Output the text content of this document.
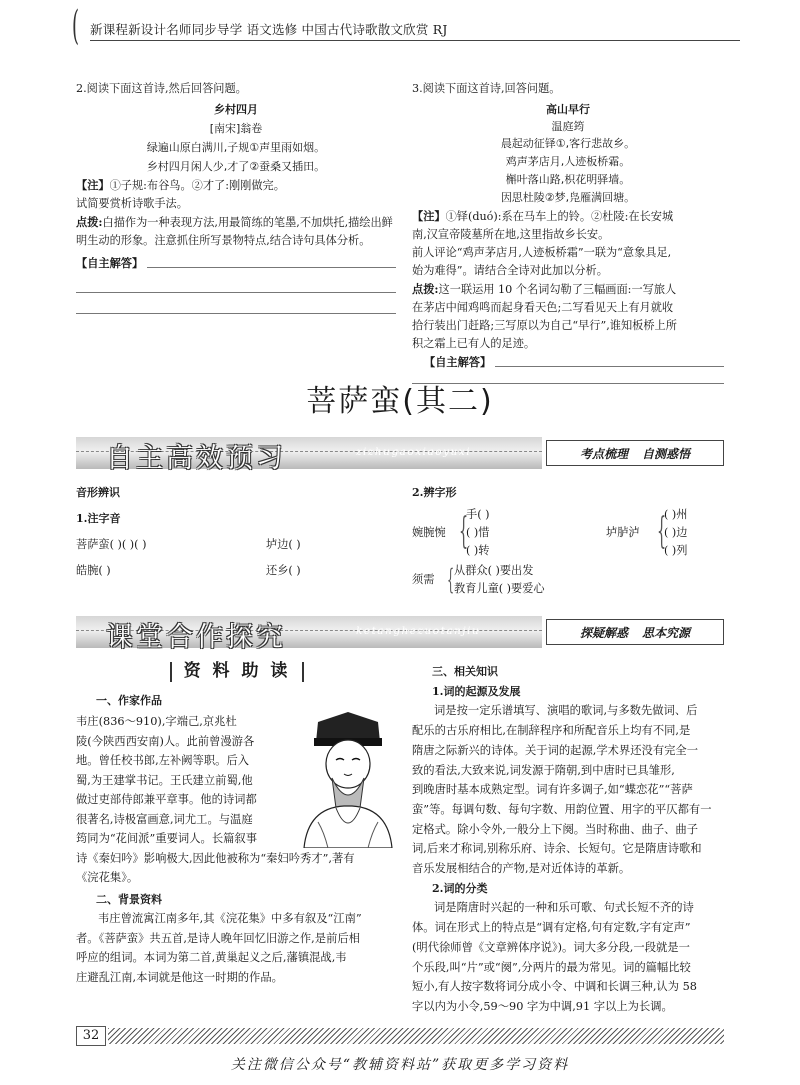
( 新课程新设计名师同步导学 语文选修 中国古代诗歌散文欣赏 RJ
2.阅读下面这首诗,然后回答问题。
乡村四月
[南宋]翁卷
绿遍山原白满川,子规①声里雨如烟。
乡村四月闲人少,才了②蚕桑又插田。
【注】①子规:布谷鸟。②才了:刚刚做完。
试简要赏析诗歌手法。
点拨:白描作为一种表现方法,用最简练的笔墨,不加烘托,描绘出鲜明生动的形象。注意抓住所写景物特点,结合诗句具体分析。
【自主解答】
3.阅读下面这首诗,回答问题。
高山早行
温庭筠
晨起动征铎①,客行悲故乡。
鸡声茅店月,人迹板桥霜。
槲叶落山路,枳花明驿墙。
因思杜陵②梦,凫雁满回塘。
【注】①铎(duó):系在马车上的铃。②杜陵:在长安城
南,汉宣帝陵墓所在地,这里指故乡长安。
前人评论“鸡声茅店月,人迹板桥霜”一联为“意象具足,
始为难得”。请结合全诗对此加以分析。
点拨:这一联运用 10 个名词勾勒了三幅画面:一写旅人
在茅店中闻鸡鸣而起身看天色;二写看见天上有月就收
拾行装出门赶路;三写原以为自己“早行”,谁知板桥上所
积之霜上已有人的足迹。
【自主解答】
菩萨蛮(其二)
自主高效预习	zizhugaoxiaoyuxi	考点梳理 自测惑悟
音形辨识
1.注字音
菩萨蛮( )( )( )	垆边( )
皓腕( )	还乡( )
2.辨字形
婉腕惋 {
手( )
( )惜
( )转
垆胪泸 {
( )州
( )边
( )列
须需 { 从群众( )要出发
教育儿童( )要爱心
课堂合作探究	ketanghezuotanjiu	探疑解惑 思本究源
资 料 助 读
一、作家作品
韦庄(836～910),字端己,京兆杜
陵(今陕西西安南)人。此前曾漫游各
地。曾任校书郎,左补阙等职。后入
蜀,为王建掌书记。王氏建立前蜀,他
做过吏部侍郎兼平章事。他的诗词都
很著名,诗极富画意,词尤工。与温庭
筠同为“花间派”重要词人。长篇叙事
诗《秦妇吟》影响极大,因此他被称为“秦妇吟秀才”,著有
《浣花集》。
二、背景资料
韦庄曾流寓江南多年,其《浣花集》中多有叙及“江南”
者。《菩萨蛮》共五首,是诗人晚年回忆旧游之作,是前后相
呼应的组词。本词为第二首,黄巢起义之后,藩镇混战,韦
庄避乱江南,本词就是他这一时期的作品。
三、相关知识
1.词的起源及发展
词是按一定乐谱填写、演唱的歌词,与多数先做词、后
配乐的古乐府相比,在制辞程序和所配音乐上均有不同,是
隋唐之际新兴的诗体。关于词的起源,学术界还没有完全一
致的看法,大致来说,词发源于隋朝,到中唐时已具雏形,
到晚唐时基本成熟定型。词有许多调子,如“蝶恋花”“菩萨
蛮”等。每调句数、每句字数、用韵位置、用字的平仄都有一
定格式。除小令外,一般分上下阕。当时称曲、曲子、曲子
词,后来才称词,别称乐府、诗余、长短句。它是隋唐诗歌和
音乐发展相结合的产物,是对近体诗的革新。
2.词的分类
词是隋唐时兴起的一种和乐可歌、句式长短不齐的诗
体。词在形式上的特点是“调有定格,句有定数,字有定声”
(明代徐师曾《文章辨体序说》)。词大多分段,一段就是一
个乐段,叫“片”或“阕”,分两片的最为常见。词的篇幅比较
短小,有人按字数将词分成小令、中调和长调三种,认为 58
字以内为小令,59～90 字为中调,91 字以上为长调。
32
关注微信公众号“教辅资料站”获取更多学习资料
